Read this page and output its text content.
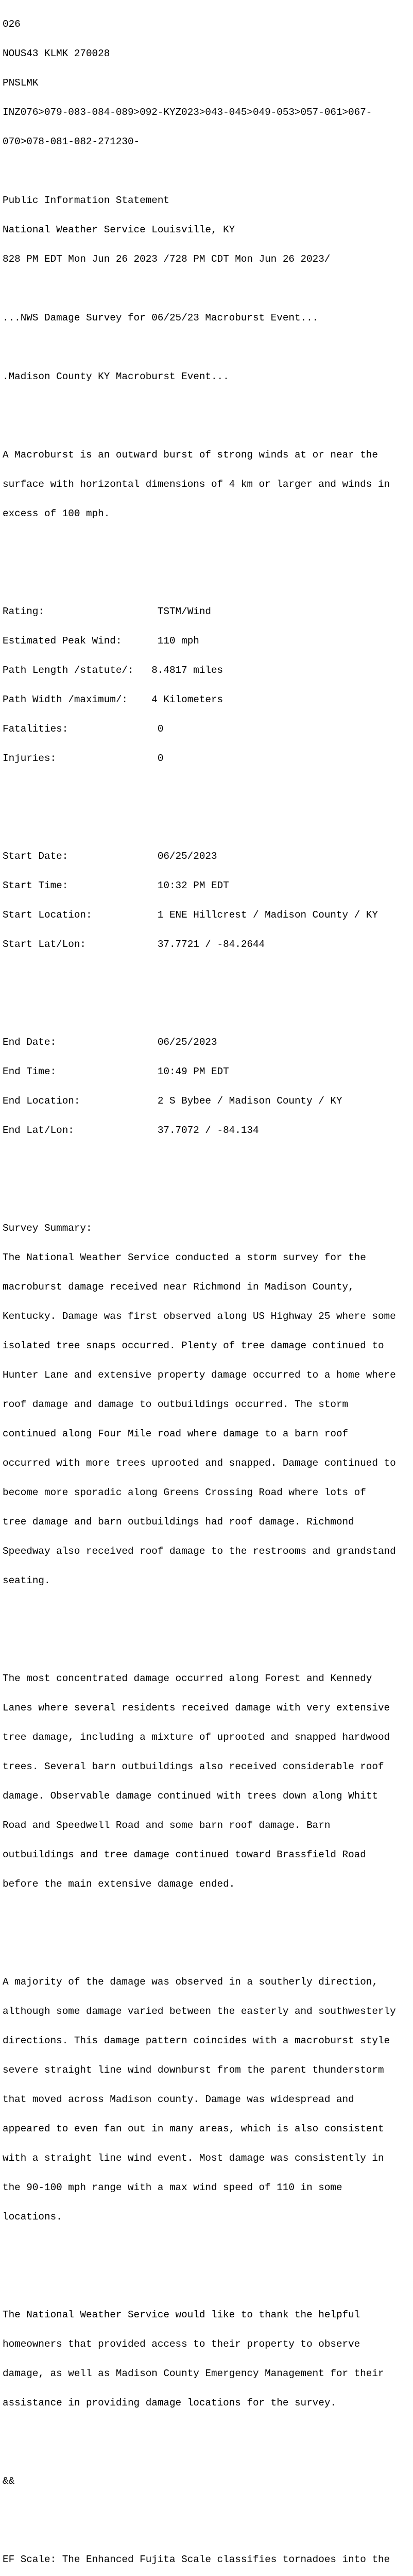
026

NOUS43 KLMK 270028

PNSLMK

INZ076>079-083-084-089>092-KYZ023>043-045>049-053>057-061>067-

070>078-081-082-271230-

Public Information Statement

National Weather Service Louisville, KY

828 PM EDT Mon Jun 26 2023 /728 PM CDT Mon Jun 26 2023/

...NWS Damage Survey for 06/25/23 Macroburst Event...

.Madison County KY Macroburst Event...

A Macroburst is an outward burst of strong winds at or near the

surface with horizontal dimensions of 4 km or larger and winds in

excess of 100 mph.

Rating:                   TSTM/Wind

Estimated Peak Wind:      110 mph

Path Length /statute/:   8.4817 miles

Path Width /maximum/:    4 Kilometers

Fatalities:               0

Injuries:                 0

Start Date:               06/25/2023

Start Time:               10:32 PM EDT

Start Location:           1 ENE Hillcrest / Madison County / KY

Start Lat/Lon:            37.7721 / -84.2644

End Date:                 06/25/2023

End Time:                 10:49 PM EDT

End Location:             2 S Bybee / Madison County / KY

End Lat/Lon:              37.7072 / -84.134

Survey Summary:

The National Weather Service conducted a storm survey for the

macroburst damage received near Richmond in Madison County,

Kentucky. Damage was first observed along US Highway 25 where some

isolated tree snaps occurred. Plenty of tree damage continued to

Hunter Lane and extensive property damage occurred to a home where

roof damage and damage to outbuildings occurred. The storm

continued along Four Mile road where damage to a barn roof

occurred with more trees uprooted and snapped. Damage continued to

become more sporadic along Greens Crossing Road where lots of

tree damage and barn outbuildings had roof damage. Richmond

Speedway also received roof damage to the restrooms and grandstand

seating.

The most concentrated damage occurred along Forest and Kennedy

Lanes where several residents received damage with very extensive

tree damage, including a mixture of uprooted and snapped hardwood

trees. Several barn outbuildings also received considerable roof

damage. Observable damage continued with trees down along Whitt

Road and Speedwell Road and some barn roof damage. Barn

outbuildings and tree damage continued toward Brassfield Road

before the main extensive damage ended.

A majority of the damage was observed in a southerly direction,

although some damage varied between the easterly and southwesterly

directions. This damage pattern coincides with a macroburst style

severe straight line wind downburst from the parent thunderstorm

that moved across Madison county. Damage was widespread and

appeared to even fan out in many areas, which is also consistent

with a straight line wind event. Most damage was consistently in

the 90-100 mph range with a max wind speed of 110 in some

locations.

The National Weather Service would like to thank the helpful

homeowners that provided access to their property to observe

damage, as well as Madison County Emergency Management for their

assistance in providing damage locations for the survey.

&&

EF Scale: The Enhanced Fujita Scale classifies tornadoes into the
